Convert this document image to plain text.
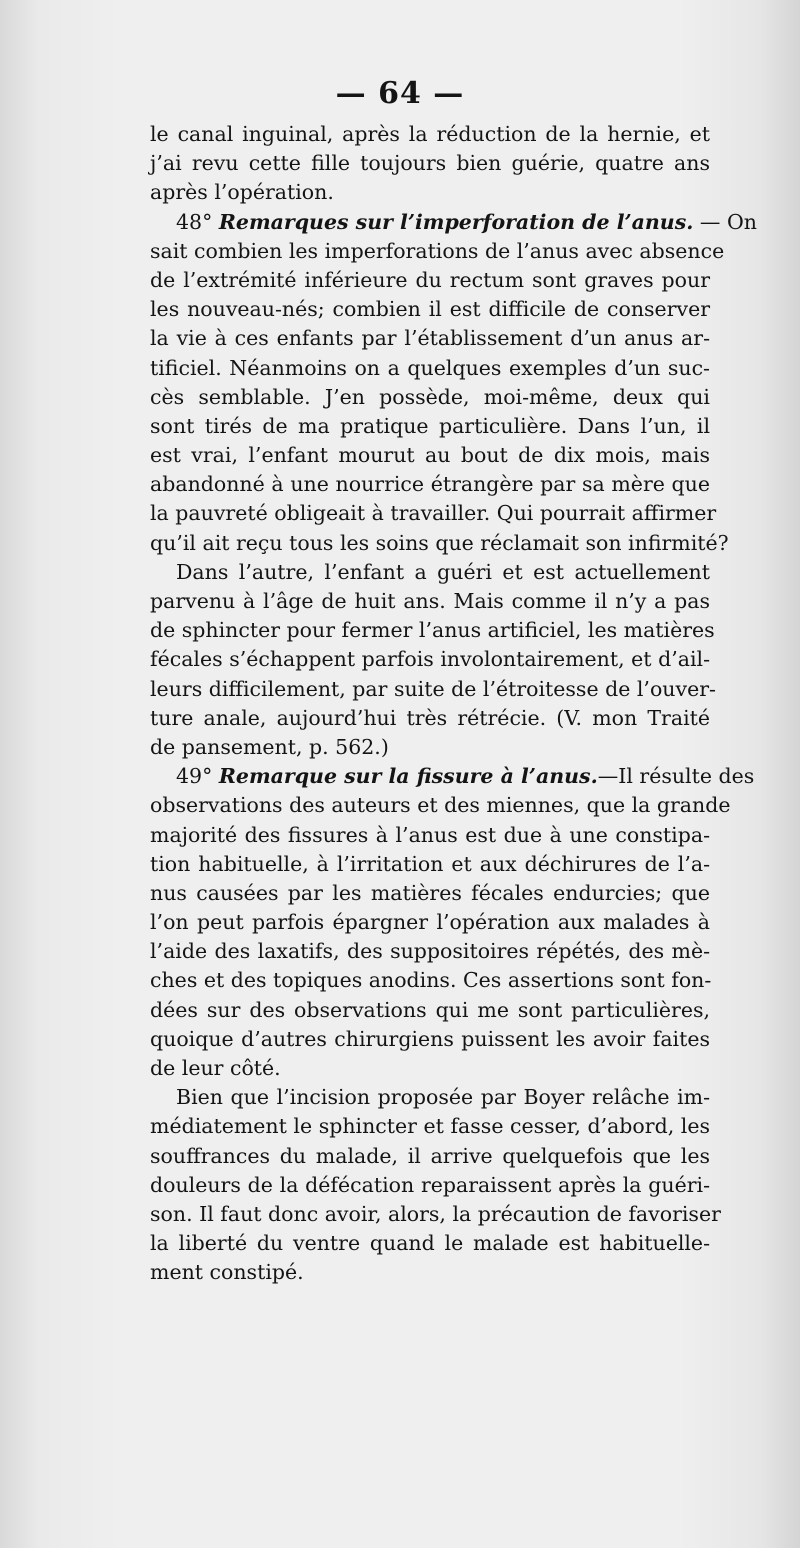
— 64 —
le canal inguinal, après la réduction de la hernie, et
j’ai revu cette fille toujours bien guérie, quatre ans
après l’opération.
48° Remarques sur l’imperforation de l’anus. — On
sait combien les imperforations de l’anus avec absence
de l’extrémité inférieure du rectum sont graves pour
les nouveau-nés; combien il est difficile de conserver
la vie à ces enfants par l’établissement d’un anus ar-
tificiel. Néanmoins on a quelques exemples d’un suc-
cès semblable. J’en possède, moi-même, deux qui
sont tirés de ma pratique particulière. Dans l’un, il
est vrai, l’enfant mourut au bout de dix mois, mais
abandonné à une nourrice étrangère par sa mère que
la pauvreté obligeait à travailler. Qui pourrait affirmer
qu’il ait reçu tous les soins que réclamait son infirmité?
Dans l’autre, l’enfant a guéri et est actuellement
parvenu à l’âge de huit ans. Mais comme il n’y a pas
de sphincter pour fermer l’anus artificiel, les matières
fécales s’échappent parfois involontairement, et d’ail-
leurs difficilement, par suite de l’étroitesse de l’ouver-
ture anale, aujourd’hui très rétrécie. (V. mon Traité
de pansement, p. 562.)
49° Remarque sur la fissure à l’anus.—Il résulte des
observations des auteurs et des miennes, que la grande
majorité des fissures à l’anus est due à une constipa-
tion habituelle, à l’irritation et aux déchirures de l’a-
nus causées par les matières fécales endurcies; que
l’on peut parfois épargner l’opération aux malades à
l’aide des laxatifs, des suppositoires répétés, des mè-
ches et des topiques anodins. Ces assertions sont fon-
dées sur des observations qui me sont particulières,
quoique d’autres chirurgiens puissent les avoir faites
de leur côté.
Bien que l’incision proposée par Boyer relâche im-
médiatement le sphincter et fasse cesser, d’abord, les
souffrances du malade, il arrive quelquefois que les
douleurs de la défécation reparaissent après la guéri-
son. Il faut donc avoir, alors, la précaution de favoriser
la liberté du ventre quand le malade est habituelle-
ment constipé.
